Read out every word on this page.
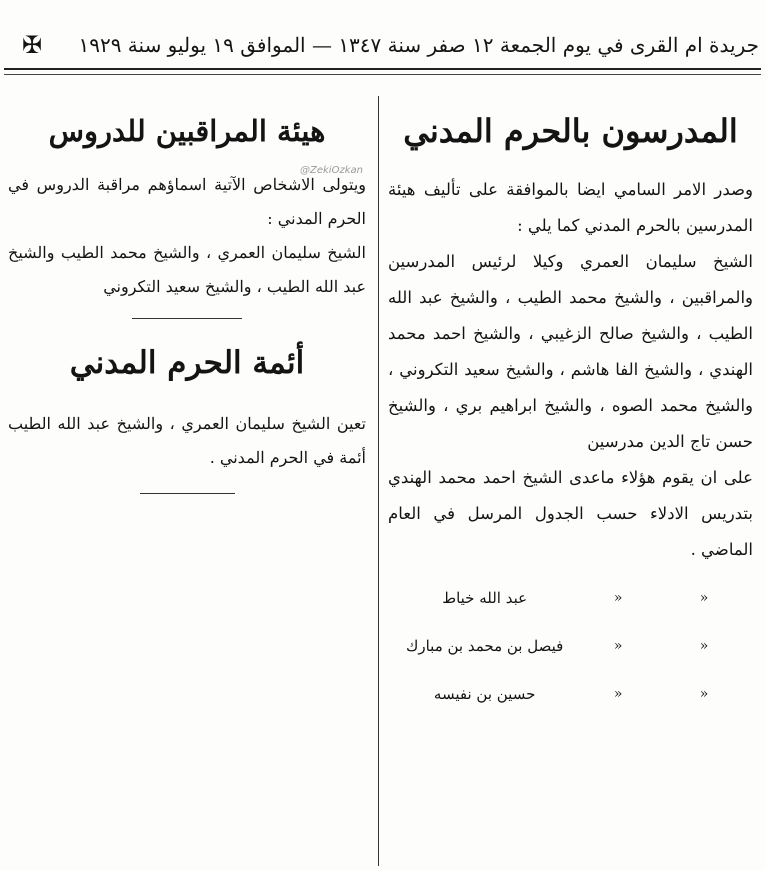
✠	جريدة ام القرى في يوم الجمعة ١٢ صفر سنة ١٣٤٧ — الموافق ١٩ يوليو سنة ١٩٢٩
@ZekiOzkan
المدرسون بالحرم المدني

وصدر الامر السامي ايضا بالموافقة على تأليف هيئة المدرسين بالحرم المدني كما يلي :

الشيخ سليمان العمري وكيلا لرئيس المدرسين والمراقبين ، والشيخ محمد الطيب ، والشيخ عبد الله الطيب ، والشيخ صالح الزغيبي ، والشيخ احمد محمد الهندي ، والشيخ الفا هاشم ، والشيخ سعيد التكروني ، والشيخ محمد الصوه ، والشيخ ابراهيم بري ، والشيخ حسن تاج الدين مدرسين

على ان يقوم هؤلاء ماعدى الشيخ احمد محمد الهندي بتدريس الادلاء حسب الجدول المرسل في العام الماضي .

«
«
عبد الله خياط
«
«
فيصل بن محمد بن مبارك
«
«
حسين بن نفيسه
هيئة المراقبين للدروس

ويتولى الاشخاص الآتية اسماؤهم مراقبة الدروس في الحرم المدني :

الشيخ سليمان العمري ، والشيخ محمد الطيب والشيخ عبد الله الطيب ، والشيخ سعيد التكروني

أئمة الحرم المدني

تعين الشيخ سليمان العمري ، والشيخ عبد الله الطيب أئمة في الحرم المدني .
